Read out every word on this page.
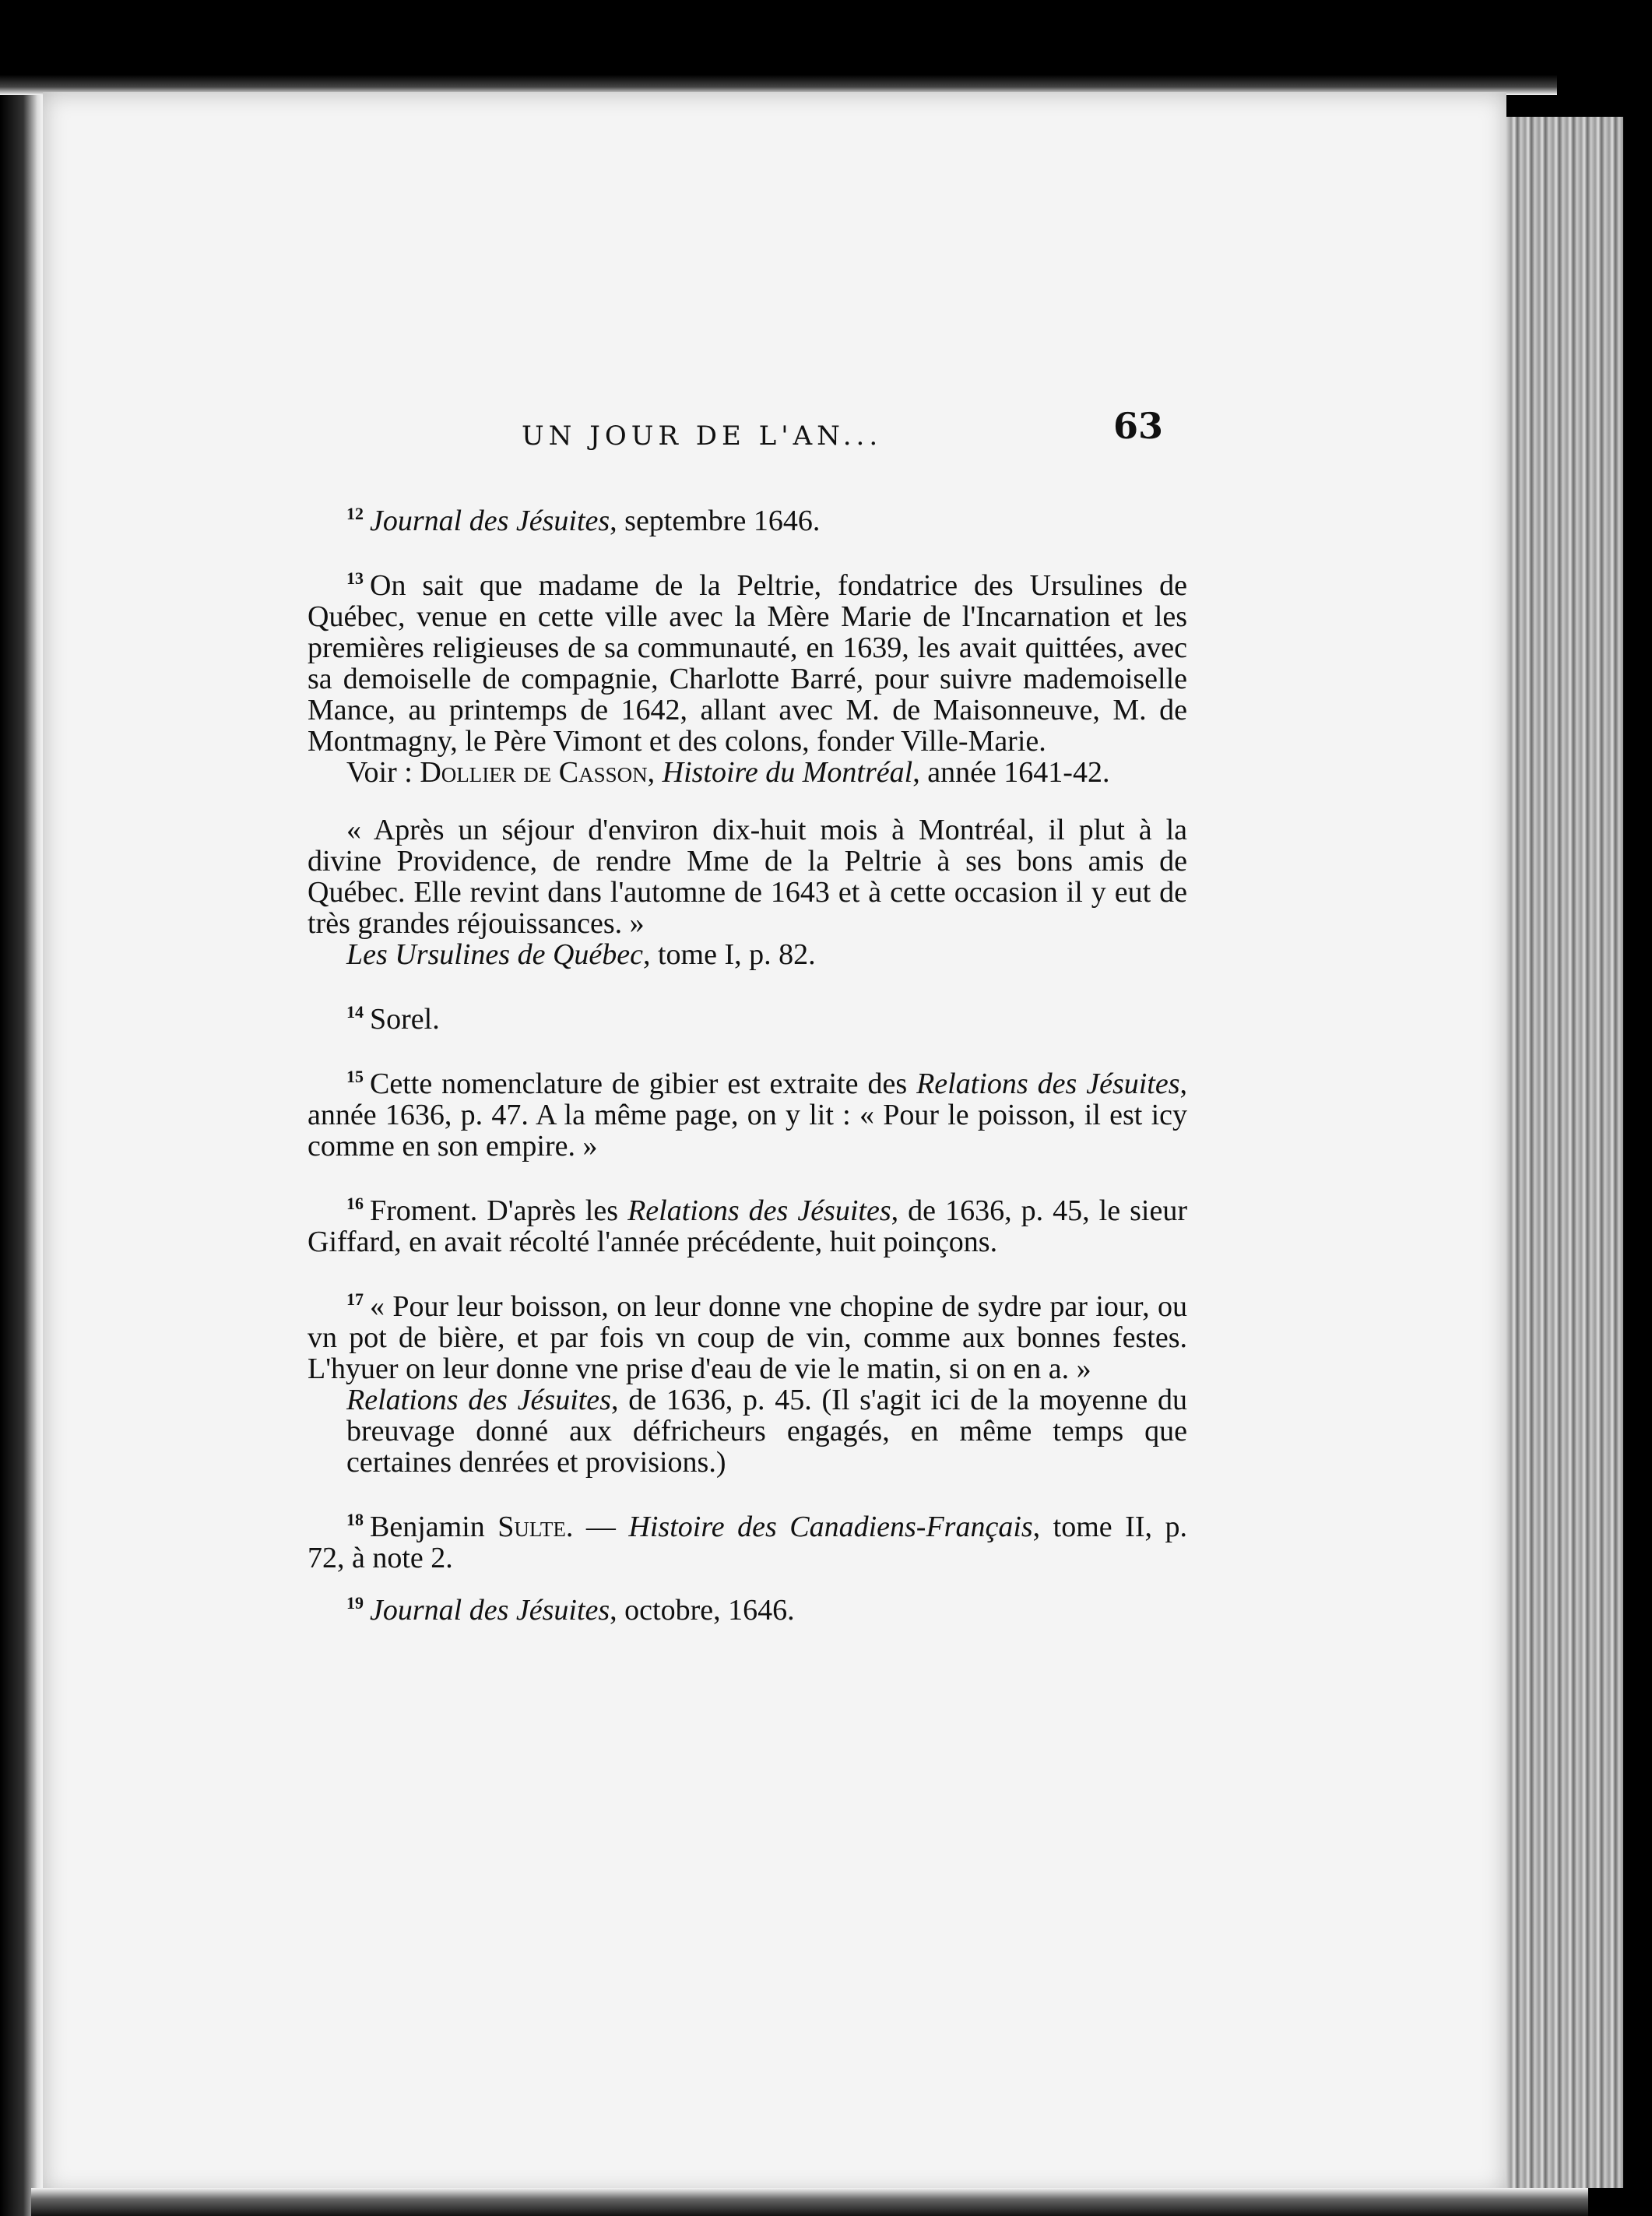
UN JOUR DE L'AN...	63

$^{12}$ Journal des Jésuites, septembre 1646.

$^{13}$ On sait que madame de la Peltrie, fondatrice des Ursulines de Québec, venue en cette ville avec la Mère Marie de l'Incarnation et les premières religieuses de sa communauté, en 1639, les avait quittées, avec sa demoiselle de compagnie, Charlotte Barré, pour suivre mademoiselle Mance, au printemps de 1642, allant avec M. de Maisonneuve, M. de Montmagny, le Père Vimont et des colons, fonder Ville-Marie.

Voir : Dollier de Casson, Histoire du Montréal, année 1641-42.

« Après un séjour d'environ dix-huit mois à Montréal, il plut à la divine Providence, de rendre Mme de la Peltrie à ses bons amis de Québec. Elle revint dans l'automne de 1643 et à cette occasion il y eut de très grandes réjouissances. »

Les Ursulines de Québec, tome I, p. 82.

$^{14}$ Sorel.

$^{15}$ Cette nomenclature de gibier est extraite des Relations des Jésuites, année 1636, p. 47. A la même page, on y lit : « Pour le poisson, il est icy comme en son empire. »

$^{16}$ Froment. D'après les Relations des Jésuites, de 1636, p. 45, le sieur Giffard, en avait récolté l'année précédente, huit poinçons.

$^{17}$ « Pour leur boisson, on leur donne vne chopine de sydre par iour, ou vn pot de bière, et par fois vn coup de vin, comme aux bonnes festes. L'hyuer on leur donne vne prise d'eau de vie le matin, si on en a. »

Relations des Jésuites, de 1636, p. 45. (Il s'agit ici de la moyenne du breuvage donné aux défricheurs engagés, en même temps que certaines denrées et provisions.)

$^{18}$ Benjamin Sulte. — Histoire des Canadiens-Français, tome II, p. 72, à note 2.

$^{19}$ Journal des Jésuites, octobre, 1646.
